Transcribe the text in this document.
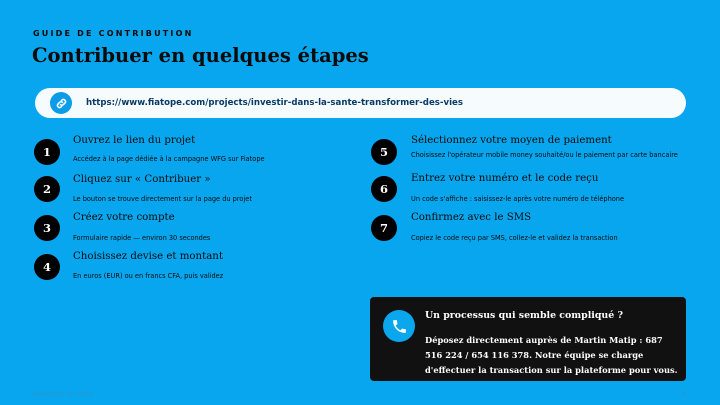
GUIDE DE CONTRIBUTION
Contribuer en quelques étapes
https://www.fiatope.com/projects/investir-dans-la-sante-transformer-des-vies
1
Ouvrez le lien du projet
Accédez à la page dédiée à la campagne WFG sur Fiatope
2
Cliquez sur « Contribuer »
Le bouton se trouve directement sur la page du projet
3
Créez votre compte
Formulaire rapide — environ 30 secondes
4
Choisissez devise et montant
En euros (EUR) ou en francs CFA, puis validez
5
Sélectionnez votre moyen de paiement
Choisissez l'opérateur mobile money souhaité/ou le paiement par carte bancaire
6
Entrez votre numéro et le code reçu
Un code s'affiche : saisissez-le après votre numéro de téléphone
7
Confirmez avec le SMS
Copiez le code reçu par SMS, collez-le et validez la transaction
Un processus qui semble compliqué ?
Déposez directement auprès de Martin Matip : 687 516 224 / 654 116 378. Notre équipe se charge d'effectuer la transaction sur la plateforme pour vous.
WARRIORS OF FAITH	8
